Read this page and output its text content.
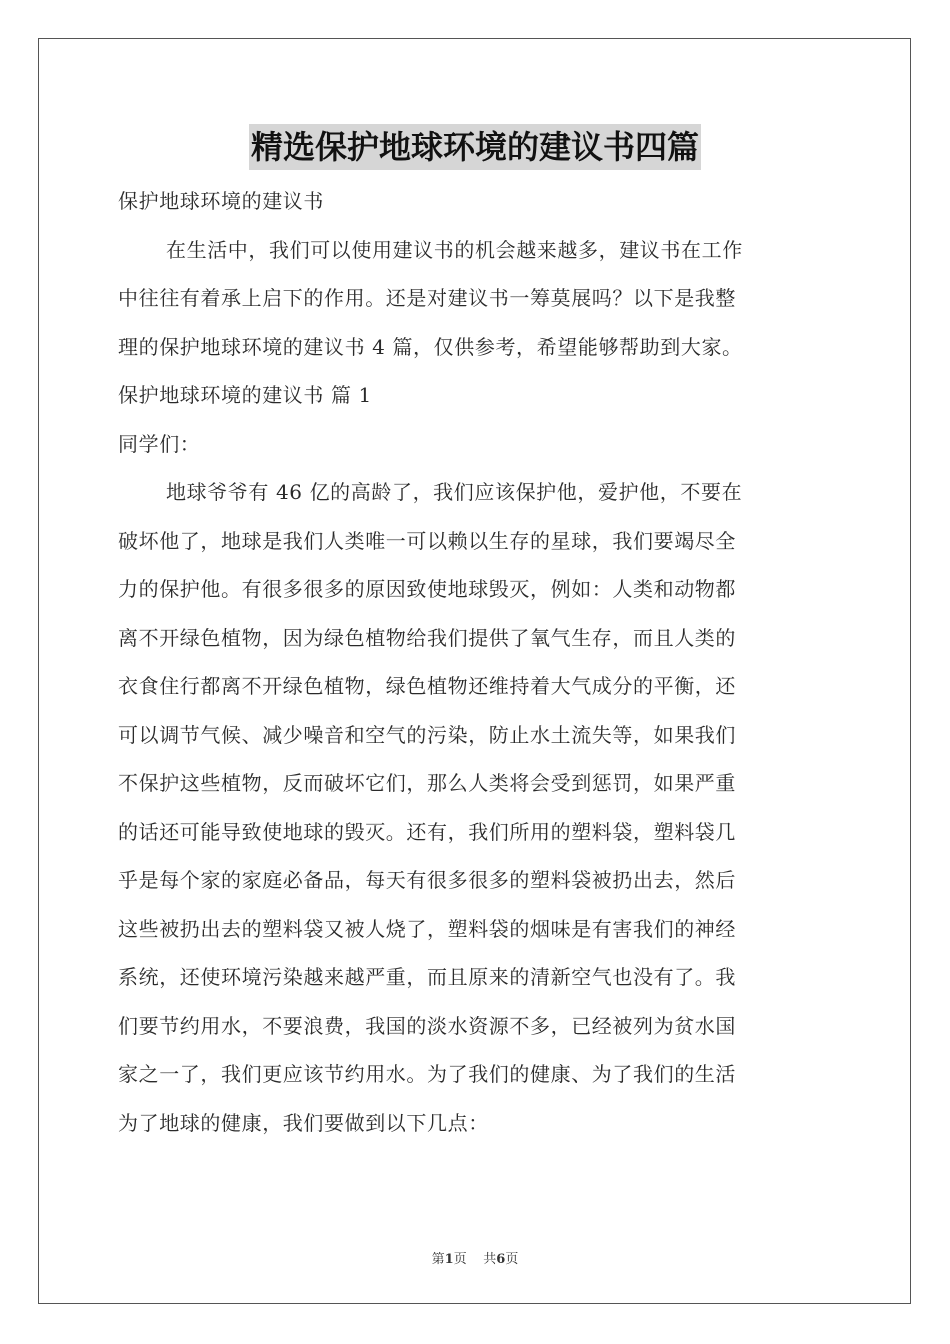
精选保护地球环境的建议书四篇
保护地球环境的建议书
在生活中，我们可以使用建议书的机会越来越多，建议书在工作
中往往有着承上启下的作用。还是对建议书一筹莫展吗？以下是我整
理的保护地球环境的建议书 4 篇，仅供参考，希望能够帮助到大家。
保护地球环境的建议书 篇 1
同学们：
地球爷爷有 46 亿的高龄了，我们应该保护他，爱护他，不要在
破坏他了，地球是我们人类唯一可以赖以生存的星球，我们要竭尽全
力的保护他。有很多很多的原因致使地球毁灭，例如：人类和动物都
离不开绿色植物，因为绿色植物给我们提供了氧气生存，而且人类的
衣食住行都离不开绿色植物，绿色植物还维持着大气成分的平衡，还
可以调节气候、减少噪音和空气的污染，防止水土流失等，如果我们
不保护这些植物，反而破坏它们，那么人类将会受到惩罚，如果严重
的话还可能导致使地球的毁灭。还有，我们所用的塑料袋，塑料袋几
乎是每个家的家庭必备品，每天有很多很多的塑料袋被扔出去，然后
这些被扔出去的塑料袋又被人烧了，塑料袋的烟味是有害我们的神经
系统，还使环境污染越来越严重，而且原来的清新空气也没有了。我
们要节约用水，不要浪费，我国的淡水资源不多，已经被列为贫水国
家之一了，我们更应该节约用水。为了我们的健康、为了我们的生活
为了地球的健康，我们要做到以下几点：
第1页 共6页
